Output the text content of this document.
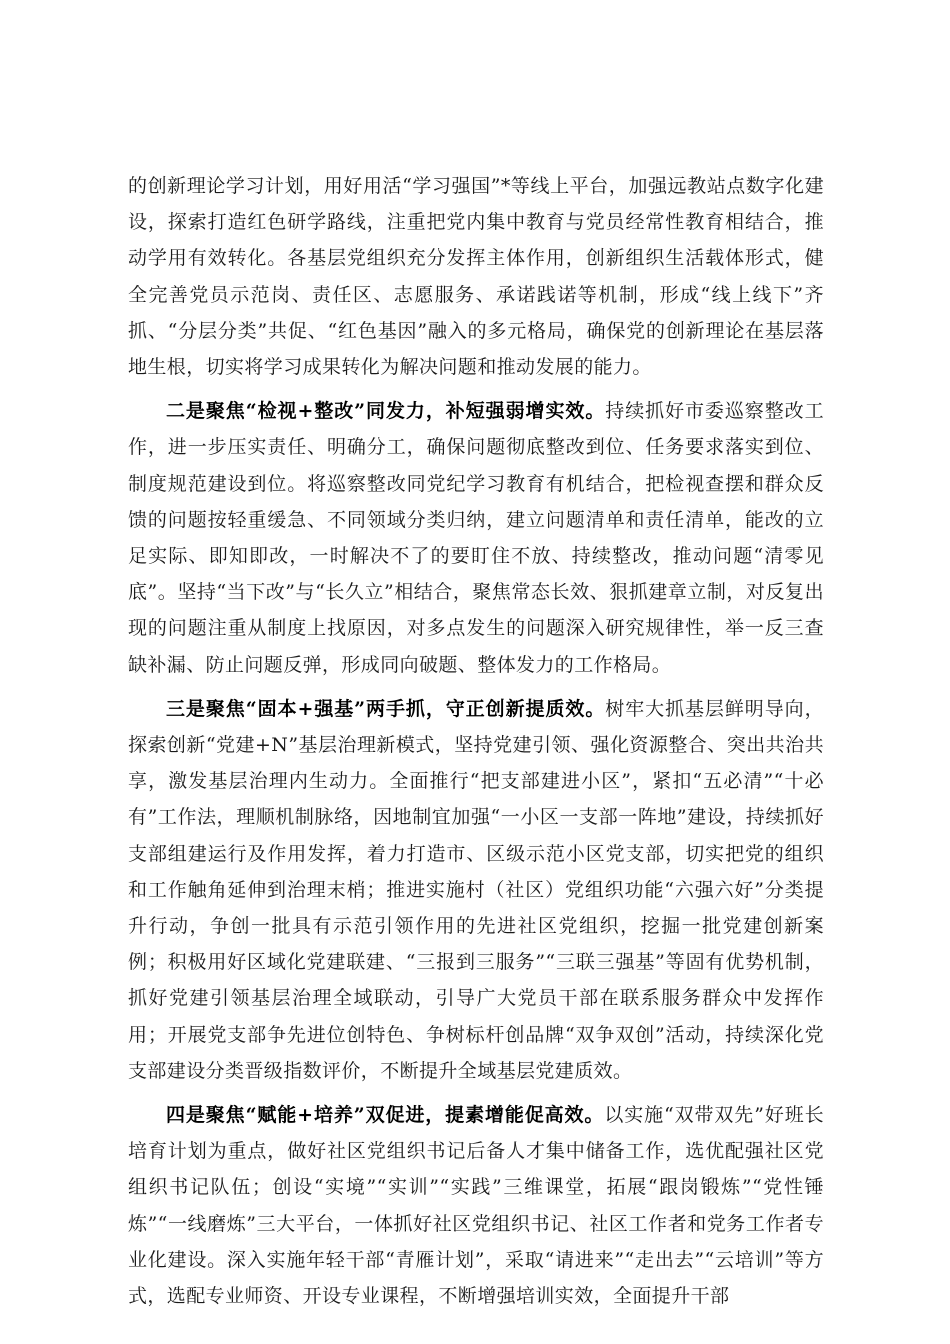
的创新理论学习计划，用好用活“学习强国”*等线上平台，加强远教站点数字化建设，探索打造红色研学路线，注重把党内集中教育与党员经常性教育相结合，推动学用有效转化。各基层党组织充分发挥主体作用，创新组织生活载体形式，健全完善党员示范岗、责任区、志愿服务、承诺践诺等机制，形成“线上线下”齐抓、“分层分类”共促、“红色基因”融入的多元格局，确保党的创新理论在基层落地生根，切实将学习成果转化为解决问题和推动发展的能力。

二是聚焦“检视+整改”同发力，补短强弱增实效。持续抓好市委巡察整改工作，进一步压实责任、明确分工，确保问题彻底整改到位、任务要求落实到位、制度规范建设到位。将巡察整改同党纪学习教育有机结合，把检视查摆和群众反馈的问题按轻重缓急、不同领域分类归纳，建立问题清单和责任清单，能改的立足实际、即知即改，一时解决不了的要盯住不放、持续整改，推动问题“清零见底”。坚持“当下改”与“长久立”相结合，聚焦常态长效、狠抓建章立制，对反复出现的问题注重从制度上找原因，对多点发生的问题深入研究规律性，举一反三查缺补漏、防止问题反弹，形成同向破题、整体发力的工作格局。

三是聚焦“固本+强基”两手抓，守正创新提质效。树牢大抓基层鲜明导向，探索创新“党建+N”基层治理新模式，坚持党建引领、强化资源整合、突出共治共享，激发基层治理内生动力。全面推行“把支部建进小区”，紧扣“五必清”“十必有”工作法，理顺机制脉络，因地制宜加强“一小区一支部一阵地”建设，持续抓好支部组建运行及作用发挥，着力打造市、区级示范小区党支部，切实把党的组织和工作触角延伸到治理末梢；推进实施村（社区）党组织功能“六强六好”分类提升行动，争创一批具有示范引领作用的先进社区党组织，挖掘一批党建创新案例；积极用好区域化党建联建、“三报到三服务”“三联三强基”等固有优势机制，抓好党建引领基层治理全域联动，引导广大党员干部在联系服务群众中发挥作用；开展党支部争先进位创特色、争树标杆创品牌“双争双创”活动，持续深化党支部建设分类晋级指数评价，不断提升全域基层党建质效。

四是聚焦“赋能+培养”双促进，提素增能促高效。以实施“双带双先”好班长培育计划为重点，做好社区党组织书记后备人才集中储备工作，选优配强社区党组织书记队伍；创设“实境”“实训”“实践”三维课堂，拓展“跟岗锻炼”“党性锤炼”“一线磨炼”三大平台，一体抓好社区党组织书记、社区工作者和党务工作者专业化建设。深入实施年轻干部“青雁计划”，采取“请进来”“走出去”“云培训”等方式，选配专业师资、开设专业课程，不断增强培训实效，全面提升干部
